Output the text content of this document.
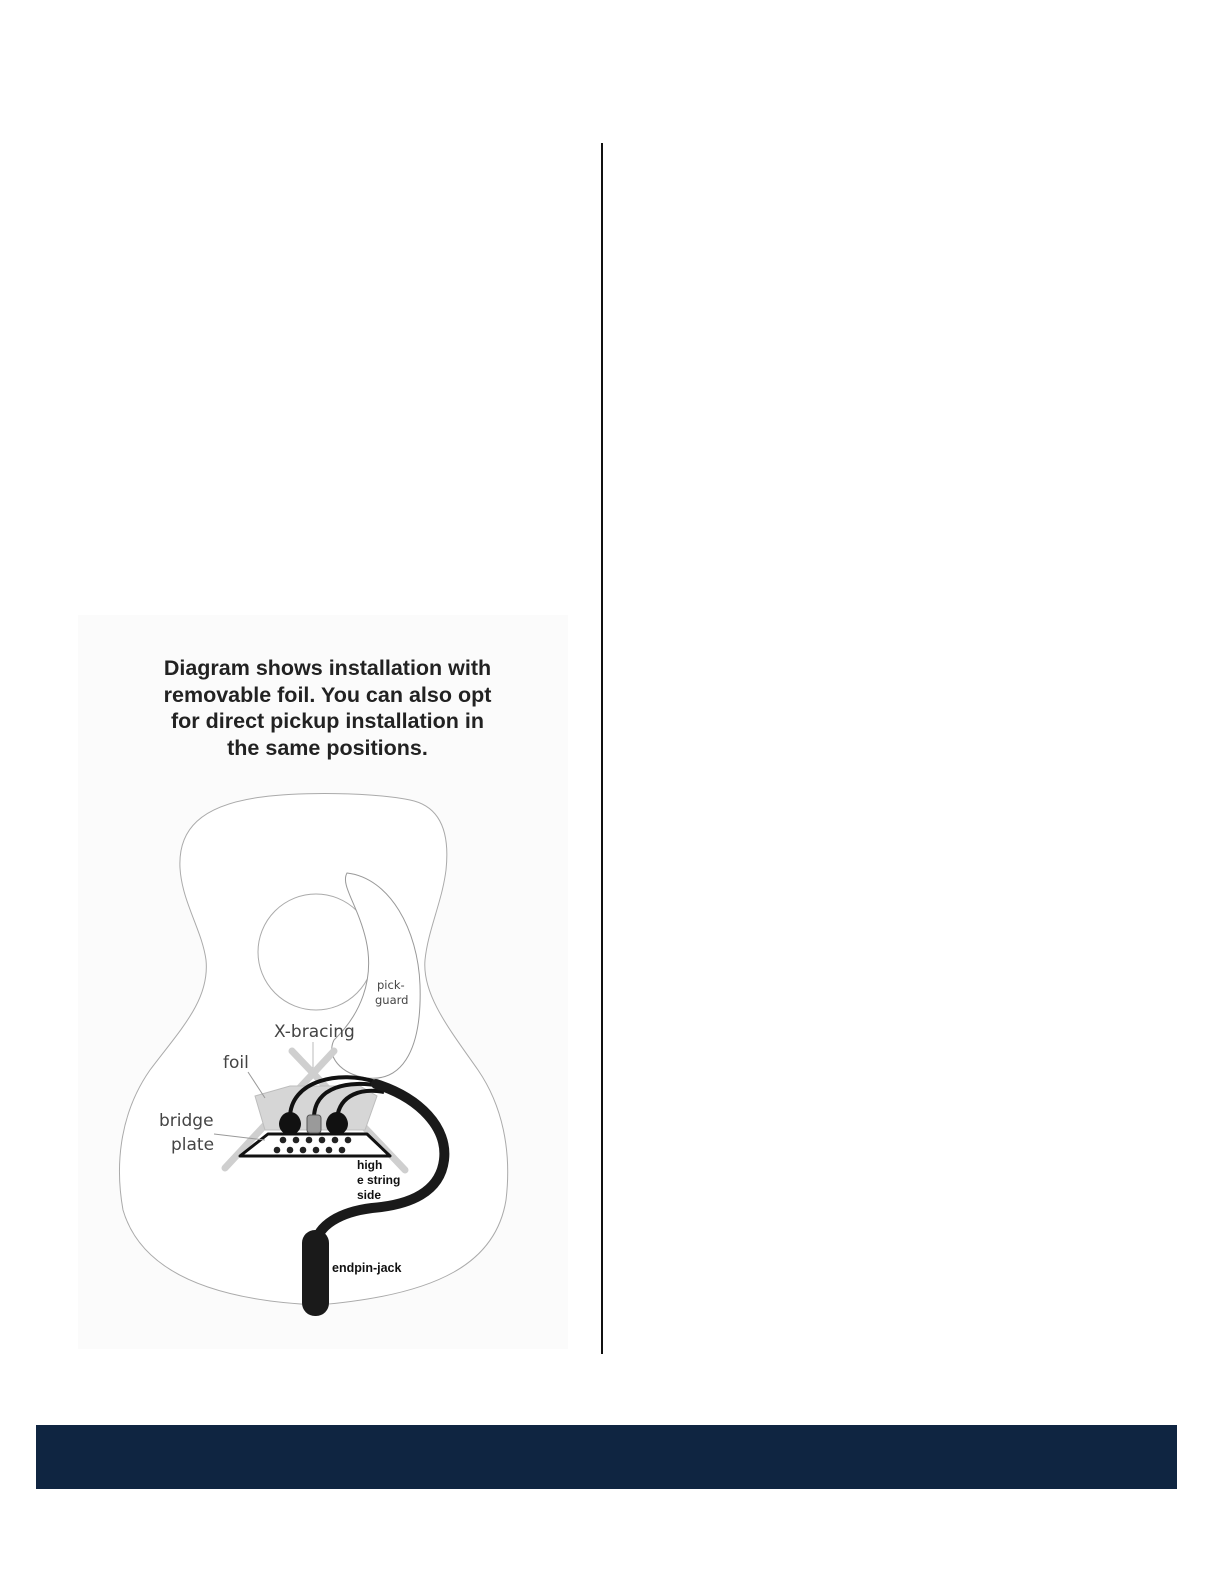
Diagram shows installation with
removable foil. You can also opt
for direct pickup installation in
the same positions.
pick-
guard
X-bracing
foil
bridge
plate
high
e string
side
endpin-jack
